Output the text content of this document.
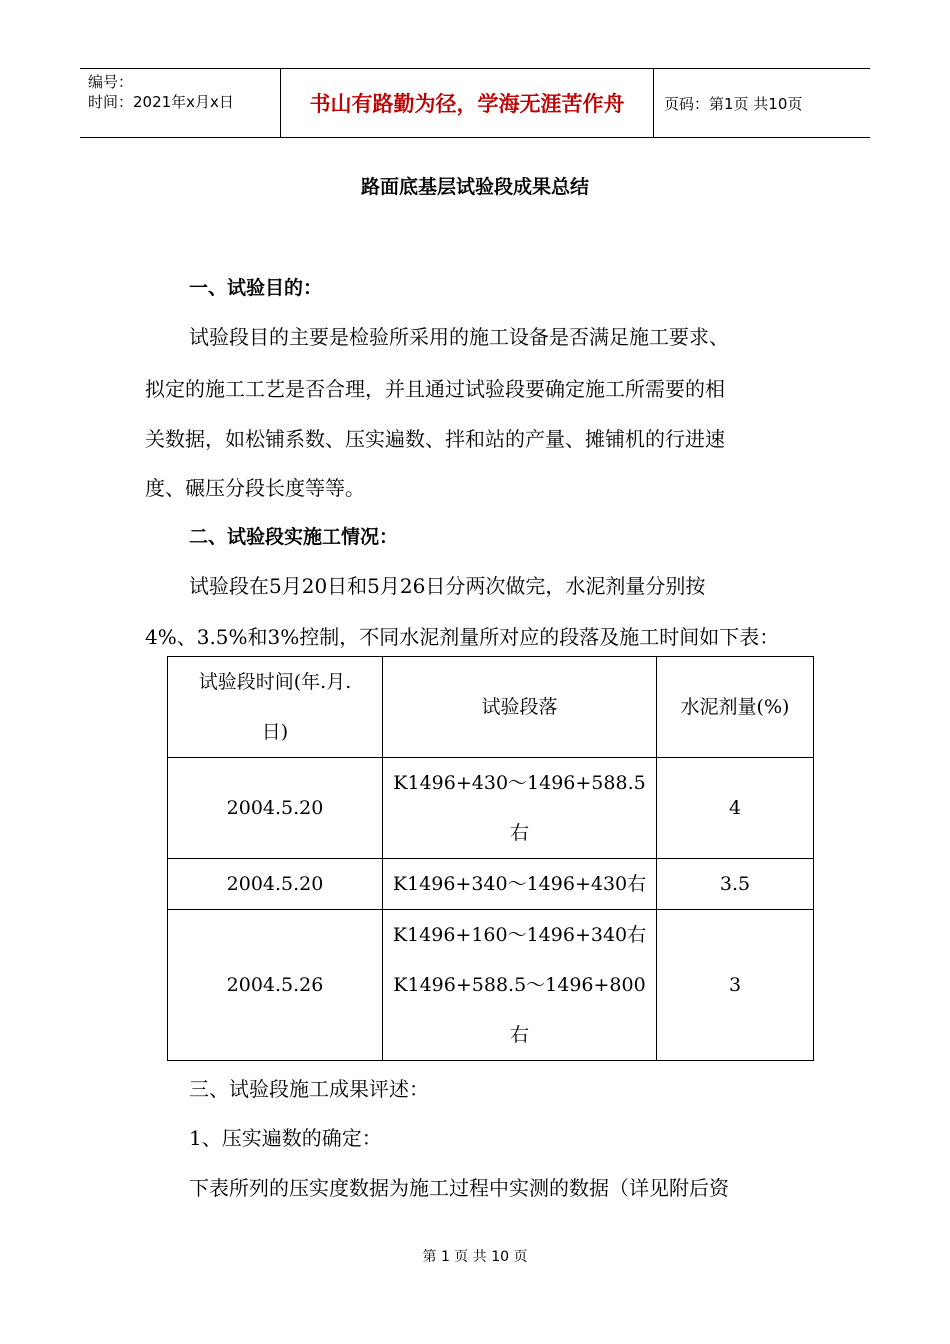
编号：
时间：2021年x月x日	书山有路勤为径，学海无涯苦作舟	页码：第1页 共10页
路面底基层试验段成果总结
一、试验目的：
试验段目的主要是检验所采用的施工设备是否满足施工要求、
拟定的施工工艺是否合理，并且通过试验段要确定施工所需要的相
关数据，如松铺系数、压实遍数、拌和站的产量、摊铺机的行进速
度、碾压分段长度等等。
二、试验段实施工情况：
试验段在5月20日和5月26日分两次做完，水泥剂量分别按
4%、3.5%和3%控制，不同水泥剂量所对应的段落及施工时间如下表：
试验段时间(年.月.
日)	试验段落	水泥剂量(%)
2004.5.20	K1496+430～1496+588.5
右	4
2004.5.20	K1496+340～1496+430右	3.5
2004.5.26	K1496+160～1496+340右
K1496+588.5～1496+800
右	3
三、试验段施工成果评述：
1、压实遍数的确定：
下表所列的压实度数据为施工过程中实测的数据（详见附后资
第 1 页 共 10 页
